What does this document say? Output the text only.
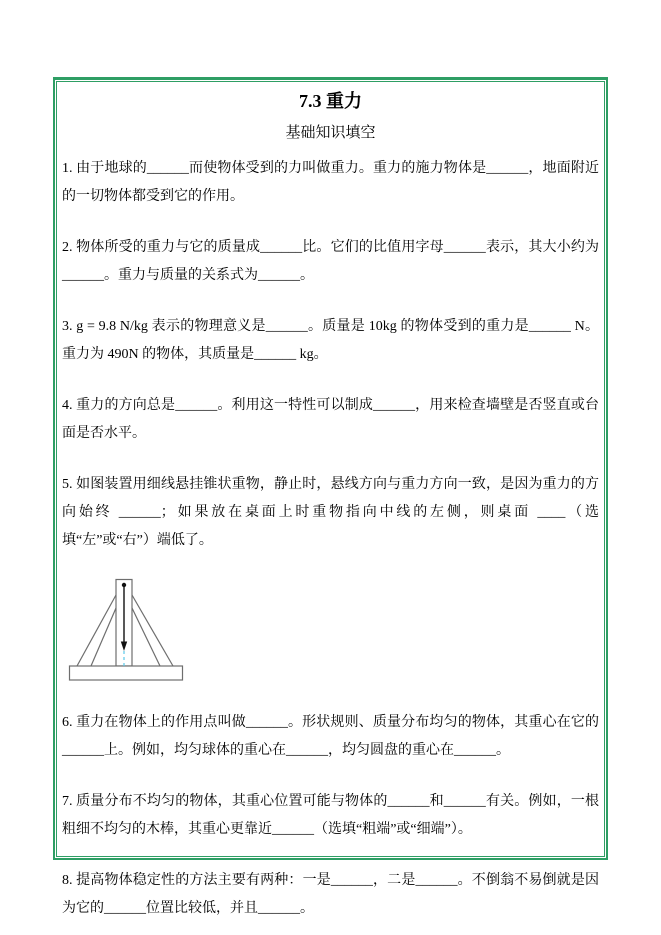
7.3 重力
基础知识填空

1. 由于地球的______而使物体受到的力叫做重力。重力的施力物体是______，地面附近的一切物体都受到它的作用。

2. 物体所受的重力与它的质量成______比。它们的比值用字母______表示，其大小约为______。重力与质量的关系式为______。

3. g = 9.8 N/kg 表示的物理意义是______。质量是 10kg 的物体受到的重力是______ N。重力为 490N 的物体，其质量是______ kg。

4. 重力的方向总是______。利用这一特性可以制成______，用来检查墙壁是否竖直或台面是否水平。

5. 如图装置用细线悬挂锥状重物，静止时，悬线方向与重力方向一致，是因为重力的方向始终 ______；如果放在桌面上时重物指向中线的左侧，则桌面 ____（选填“左”或“右”）端低了。

6. 重力在物体上的作用点叫做______。形状规则、质量分布均匀的物体，其重心在它的______上。例如，均匀球体的重心在______，均匀圆盘的重心在______。

7. 质量分布不均匀的物体，其重心位置可能与物体的______和______有关。例如，一根粗细不均匀的木棒，其重心更靠近______（选填“粗端”或“细端”）。

8. 提高物体稳定性的方法主要有两种：一是______，二是______。不倒翁不易倒就是因为它的______位置比较低，并且______。
